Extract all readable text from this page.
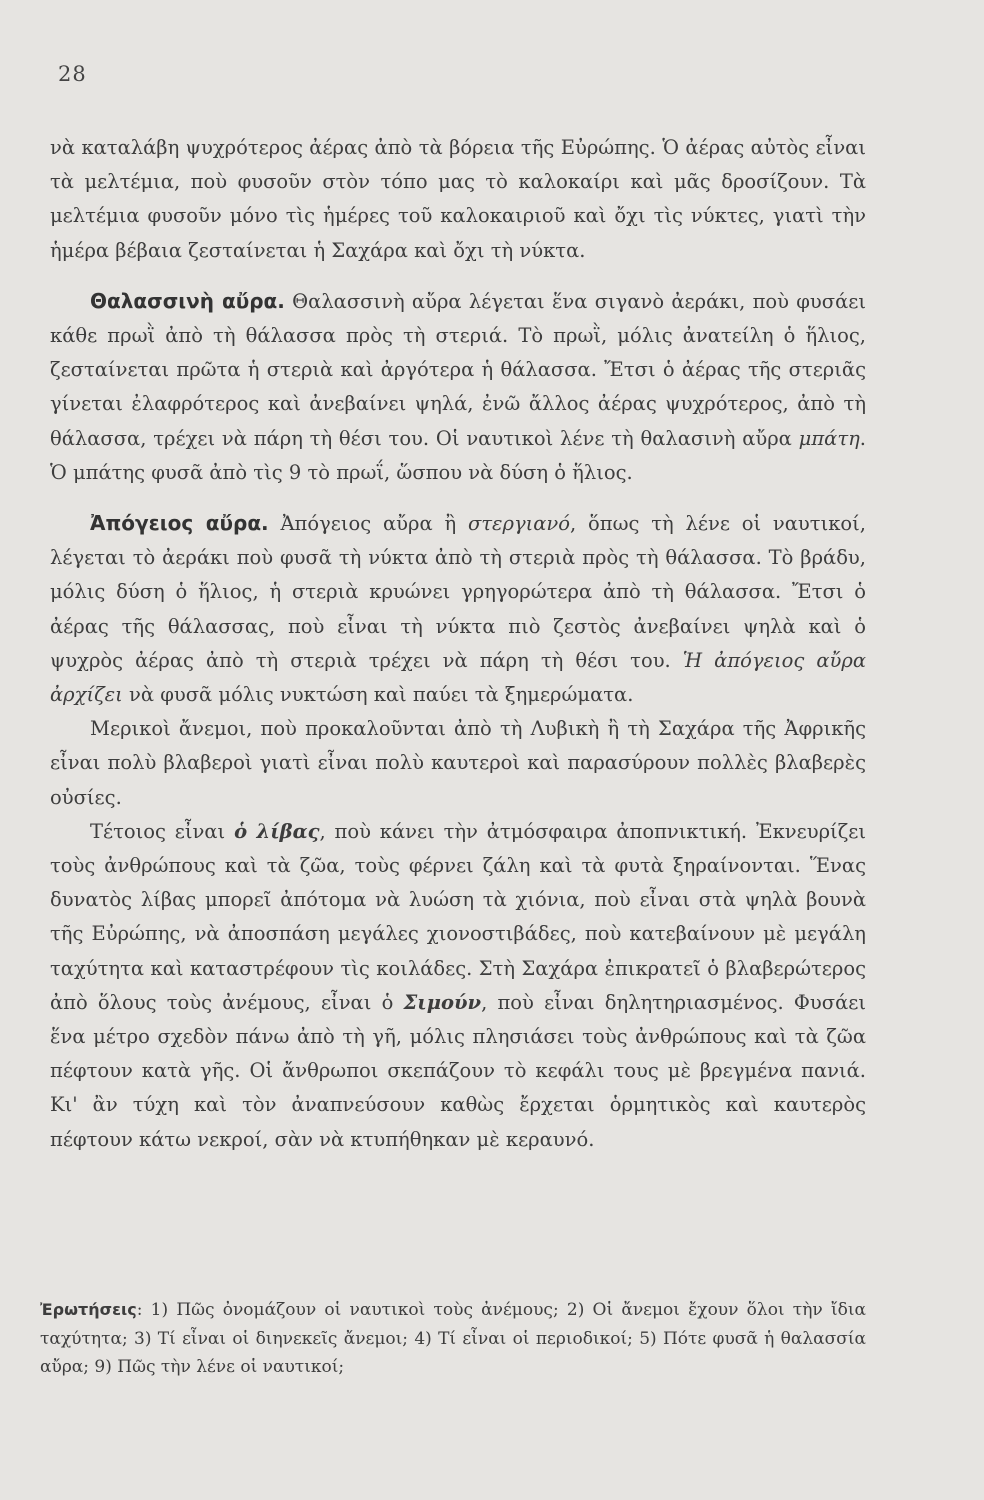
28

νὰ καταλάβη ψυχρότερος ἀέρας ἀπὸ τὰ βόρεια τῆς Εὐρώπης. Ὁ ἀέρας αὐτὸς εἶναι τὰ μελτέμια, ποὺ φυσοῦν στὸν τόπο μας τὸ καλοκαίρι καὶ μᾶς δροσίζουν. Τὰ μελτέμια φυσοῦν μόνο τὶς ἡμέρες τοῦ καλοκαιριοῦ καὶ ὄχι τὶς νύκτες, γιατὶ τὴν ἡμέρα βέβαια ζεσταίνεται ἡ Σαχάρα καὶ ὄχι τὴ νύκτα.

Θαλασσινὴ αὔρα. Θαλασσινὴ αὔρα λέγεται ἕνα σιγανὸ ἀεράκι, ποὺ φυσάει κάθε πρωῒ ἀπὸ τὴ θάλασσα πρὸς τὴ στεριά. Τὸ πρωῒ, μόλις ἀνατείλη ὁ ἥλιος, ζεσταίνεται πρῶτα ἡ στεριὰ καὶ ἀργότερα ἡ θάλασσα. Ἔτσι ὁ ἀέρας τῆς στεριᾶς γίνεται ἐλαφρότερος καὶ ἀνεβαίνει ψηλά, ἐνῶ ἄλλος ἀέρας ψυχρότερος, ἀπὸ τὴ θάλασσα, τρέχει νὰ πάρη τὴ θέσι του. Οἱ ναυτικοὶ λένε τὴ θαλασινὴ αὔρα μπάτη. Ὁ μπάτης φυσᾶ ἀπὸ τὶς 9 τὸ πρωΐ, ὥσπου νὰ δύση ὁ ἥλιος.

Ἀπόγειος αὔρα. Ἀπόγειος αὔρα ἢ στεργιανό, ὅπως τὴ λένε οἱ ναυτικοί, λέγεται τὸ ἀεράκι ποὺ φυσᾶ τὴ νύκτα ἀπὸ τὴ στεριὰ πρὸς τὴ θάλασσα. Τὸ βράδυ, μόλις δύση ὁ ἥλιος, ἡ στεριὰ κρυώνει γρηγορώτερα ἀπὸ τὴ θάλασσα. Ἔτσι ὁ ἀέρας τῆς θάλασσας, ποὺ εἶναι τὴ νύκτα πιὸ ζεστὸς ἀνεβαίνει ψηλὰ καὶ ὁ ψυχρὸς ἀέρας ἀπὸ τὴ στεριὰ τρέχει νὰ πάρη τὴ θέσι του. Ἡ ἀπόγειος αὔρα ἀρχίζει νὰ φυσᾶ μόλις νυκτώση καὶ παύει τὰ ξημερώματα.

Μερικοὶ ἄνεμοι, ποὺ προκαλοῦνται ἀπὸ τὴ Λυβικὴ ἢ τὴ Σαχάρα τῆς Ἀφρικῆς εἶναι πολὺ βλαβεροὶ γιατὶ εἶναι πολὺ καυτεροὶ καὶ παρασύρουν πολλὲς βλαβερὲς οὐσίες.

Τέτοιος εἶναι ὁ λίβας, ποὺ κάνει τὴν ἀτμόσφαιρα ἀποπνικτική. Ἐκνευρίζει τοὺς ἀνθρώπους καὶ τὰ ζῶα, τοὺς φέρνει ζάλη καὶ τὰ φυτὰ ξηραίνονται. Ἕνας δυνατὸς λίβας μπορεῖ ἀπότομα νὰ λυώση τὰ χιόνια, ποὺ εἶναι στὰ ψηλὰ βουνὰ τῆς Εὐρώπης, νὰ ἀποσπάση μεγάλες χιονοστιβάδες, ποὺ κατεβαίνουν μὲ μεγάλη ταχύτητα καὶ καταστρέφουν τὶς κοιλάδες. Στὴ Σαχάρα ἐπικρατεῖ ὁ βλαβερώτερος ἀπὸ ὅλους τοὺς ἀνέμους, εἶναι ὁ Σιμούν, ποὺ εἶναι δηλητηριασμένος. Φυσάει ἕνα μέτρο σχεδὸν πάνω ἀπὸ τὴ γῆ, μόλις πλησιάσει τοὺς ἀνθρώπους καὶ τὰ ζῶα πέφτουν κατὰ γῆς. Οἱ ἄνθρωποι σκεπάζουν τὸ κεφάλι τους μὲ βρεγμένα πανιά. Κι' ἂν τύχη καὶ τὸν ἀναπνεύσουν καθὼς ἔρχεται ὁρμητικὸς καὶ καυτερὸς πέφτουν κάτω νεκροί, σὰν νὰ κτυπήθηκαν μὲ κεραυνό.

Ἐρωτήσεις: 1) Πῶς ὀνομάζουν οἱ ναυτικοὶ τοὺς ἀνέμους; 2) Οἱ ἄνεμοι ἔχουν ὅλοι τὴν ἴδια ταχύτητα; 3) Τί εἶναι οἱ διηνεκεῖς ἄνεμοι; 4) Τί εἶναι οἱ περιοδικοί; 5) Πότε φυσᾶ ἡ θαλασσία αὔρα; 9) Πῶς τὴν λένε οἱ ναυτικοί;
